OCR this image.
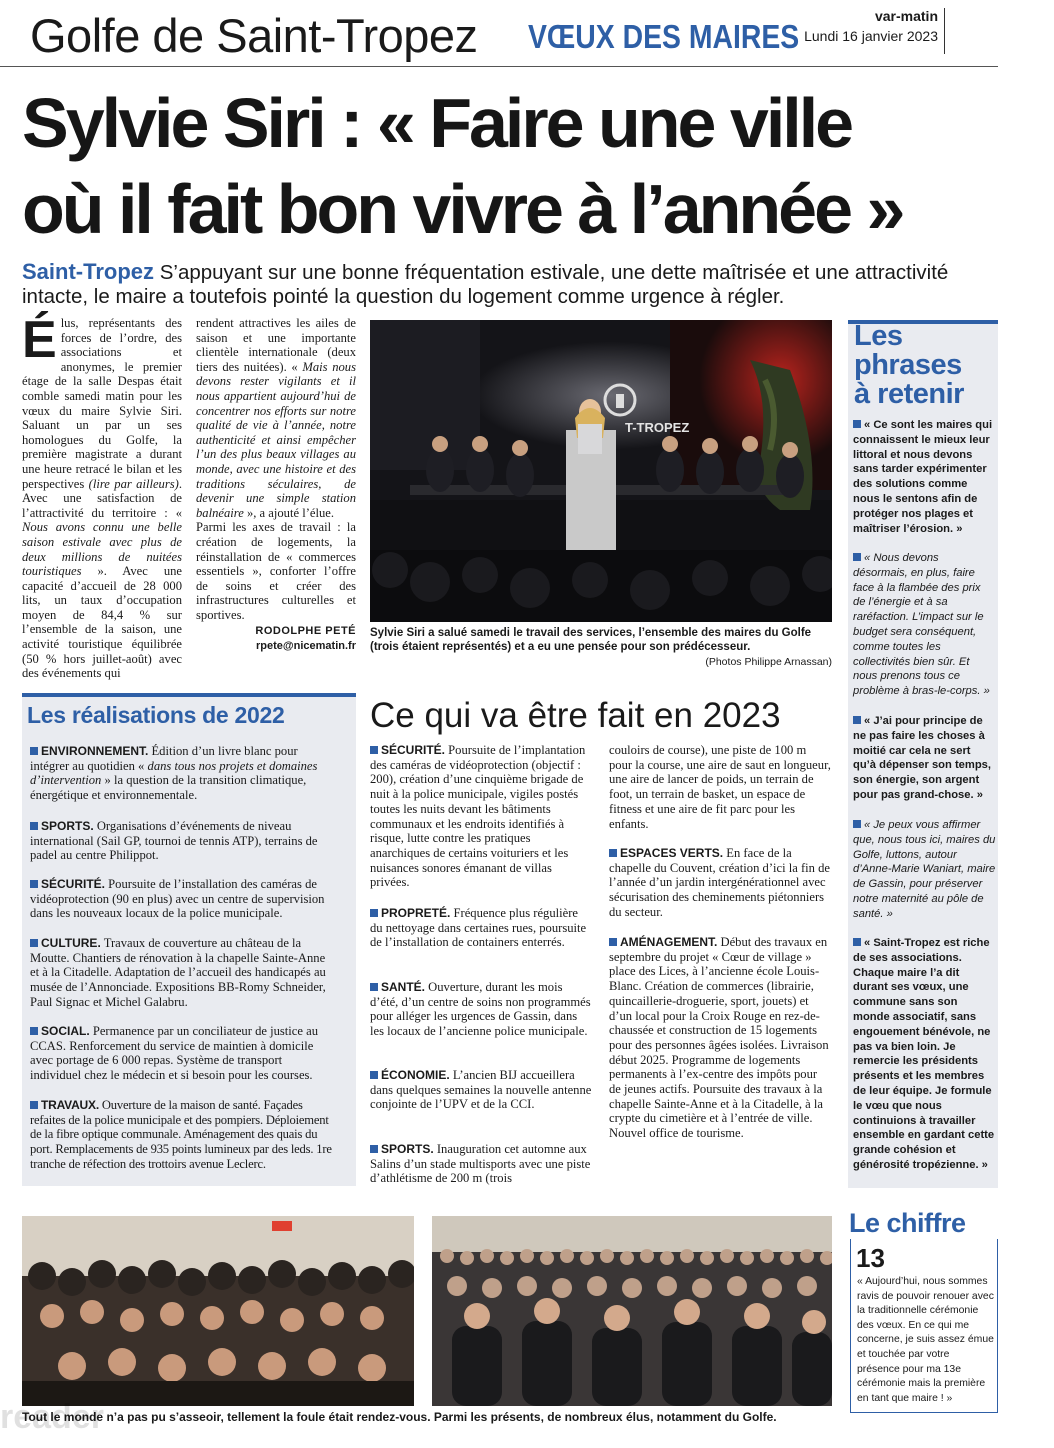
Golfe de Saint-Tropez VŒUX DES MAIRES
var-matin
Lundi 16 janvier 2023
Sylvie Siri : « Faire une ville
où il fait bon vivre à l’année »
Saint-Tropez S’appuyant sur une bonne fréquentation estivale, une dette maîtrisée et une attractivité intacte, le maire a toutefois pointé la question du logement comme urgence à régler.
Élus, représentants des forces de l’ordre, des associations et anonymes, le premier étage de la salle Despas était comble samedi matin pour les vœux du maire Sylvie Siri. Saluant un par un ses homologues du Golfe, la première magistrate a durant une heure retracé le bilan et les perspectives (lire par ailleurs). Avec une satisfaction de l’attractivité du territoire : « Nous avons connu une belle saison estivale avec plus de deux millions de nuitées touristiques ». Avec une capacité d’accueil de 28 000 lits, un taux d’occupation moyen de 84,4 % sur l’ensemble de la saison, une activité touristique équilibrée (50 % hors juillet-août) avec des événements qui
rendent attractives les ailes de saison et une importante clientèle internationale (deux tiers des nuitées). « Mais nous devons rester vigilants et il nous appartient aujourd’hui de concentrer nos efforts sur notre qualité de vie à l’année, notre authenticité et ainsi empêcher l’un des plus beaux villages au monde, avec une histoire et des traditions séculaires, de devenir une simple station balnéaire », a ajouté l’élue.
Parmi les axes de travail : la création de logements, la réinstallation de « commerces essentiels », conforter l’offre de soins et créer des infrastructures culturelles et sportives.
RODOLPHE PETÉ
rpete@nicematin.fr
T-TROPEZ
Sylvie Siri a salué samedi le travail des services, l’ensemble des maires du Golfe (trois étaient représentés) et a eu une pensée pour son prédécesseur.
(Photos Philippe Arnassan)
Les
phrases
à retenir
« Ce sont les maires qui connaissent le mieux leur littoral et nous devons sans tarder expérimenter des solutions comme nous le sentons afin de protéger nos plages et maîtriser l’érosion. »
« Nous devons désormais, en plus, faire face à la flambée des prix de l’énergie et à sa raréfaction. L’impact sur le budget sera conséquent, comme toutes les collectivités bien sûr. Et nous prenons tous ce problème à bras-le-corps. »
« J’ai pour principe de ne pas faire les choses à moitié car cela ne sert qu’à dépenser son temps, son énergie, son argent pour pas grand-chose. »
« Je peux vous affirmer que, nous tous ici, maires du Golfe, luttons, autour d’Anne-Marie Waniart, maire de Gassin, pour préserver notre maternité au pôle de santé. »
« Saint-Tropez est riche de ses associations. Chaque maire l’a dit durant ses vœux, une commune sans son monde associatif, sans engouement bénévole, ne pas va bien loin. Je remercie les présidents présents et les membres de leur équipe. Je formule le vœu que nous continuions à travailler ensemble en gardant cette grande cohésion et générosité tropézienne. »
Les réalisations de 2022
ENVIRONNEMENT. Édition d’un livre blanc pour intégrer au quotidien « dans tous nos projets et domaines d’intervention » la question de la transition climatique, énergétique et environnementale.
SPORTS. Organisations d’événements de niveau international (Sail GP, tournoi de tennis ATP), terrains de padel au centre Philippot.
SÉCURITÉ. Poursuite de l’installation des caméras de vidéoprotection (90 en plus) avec un centre de supervision dans les nouveaux locaux de la police municipale.
CULTURE. Travaux de couverture au château de la Moutte. Chantiers de rénovation à la chapelle Sainte-Anne et à la Citadelle. Adaptation de l’accueil des handicapés au musée de l’Annonciade. Expositions BB-Romy Schneider, Paul Signac et Michel Galabru.
SOCIAL. Permanence par un conciliateur de justice au CCAS. Renforcement du service de maintien à domicile avec portage de 6 000 repas. Système de transport individuel chez le médecin et si besoin pour les courses.
TRAVAUX. Ouverture de la maison de santé. Façades refaites de la police municipale et des pompiers. Déploiement de la fibre optique communale. Aménagement des quais du port. Remplacements de 935 points lumineux par des leds. 1re tranche de réfection des trottoirs avenue Leclerc.
Ce qui va être fait en 2023
SÉCURITÉ. Poursuite de l’implantation des caméras de vidéoprotection (objectif : 200), création d’une cinquième brigade de nuit à la police municipale, vigiles postés toutes les nuits devant les bâtiments communaux et les endroits identifiés à risque, lutte contre les pratiques anarchiques de certains voituriers et les nuisances sonores émanant de villas privées.
PROPRETÉ. Fréquence plus régulière du nettoyage dans certaines rues, poursuite de l’installation de containers enterrés.
SANTÉ. Ouverture, durant les mois d’été, d’un centre de soins non programmés pour alléger les urgences de Gassin, dans les locaux de l’ancienne police municipale.
ÉCONOMIE. L’ancien BIJ accueillera dans quelques semaines la nouvelle antenne conjointe de l’UPV et de la CCI.
SPORTS. Inauguration cet automne aux Salins d’un stade multisports avec une piste d’athlétisme de 200 m (trois
couloirs de course), une piste de 100 m pour la course, une aire de saut en longueur, une aire de lancer de poids, un terrain de foot, un terrain de basket, un espace de fitness et une aire de fit parc pour les enfants.
ESPACES VERTS. En face de la chapelle du Couvent, création d’ici la fin de l’année d’un jardin intergénérationnel avec sécurisation des cheminements piétonniers du secteur.
AMÉNAGEMENT. Début des travaux en septembre du projet « Cœur de village » place des Lices, à l’ancienne école Louis-Blanc. Création de commerces (librairie, quincaillerie-droguerie, sport, jouets) et d’un local pour la Croix Rouge en rez-de-chaussée et construction de 15 logements pour des personnes âgées isolées. Livraison début 2025. Programme de logements permanents à l’ex-centre des impôts pour de jeunes actifs. Poursuite des travaux à la chapelle Sainte-Anne et à la Citadelle, à la crypte du cimetière et à l’entrée de ville. Nouvel office de tourisme.
Le chiffre
13
« Aujourd’hui, nous sommes ravis de pouvoir renouer avec la traditionnelle cérémonie des vœux. En ce qui me concerne, je suis assez émue et touchée par votre présence pour ma 13e cérémonie mais la première en tant que maire ! »
Tout le monde n’a pas pu s’asseoir, tellement la foule était rendez-vous. Parmi les présents, de nombreux élus, notamment du Golfe.
reader
